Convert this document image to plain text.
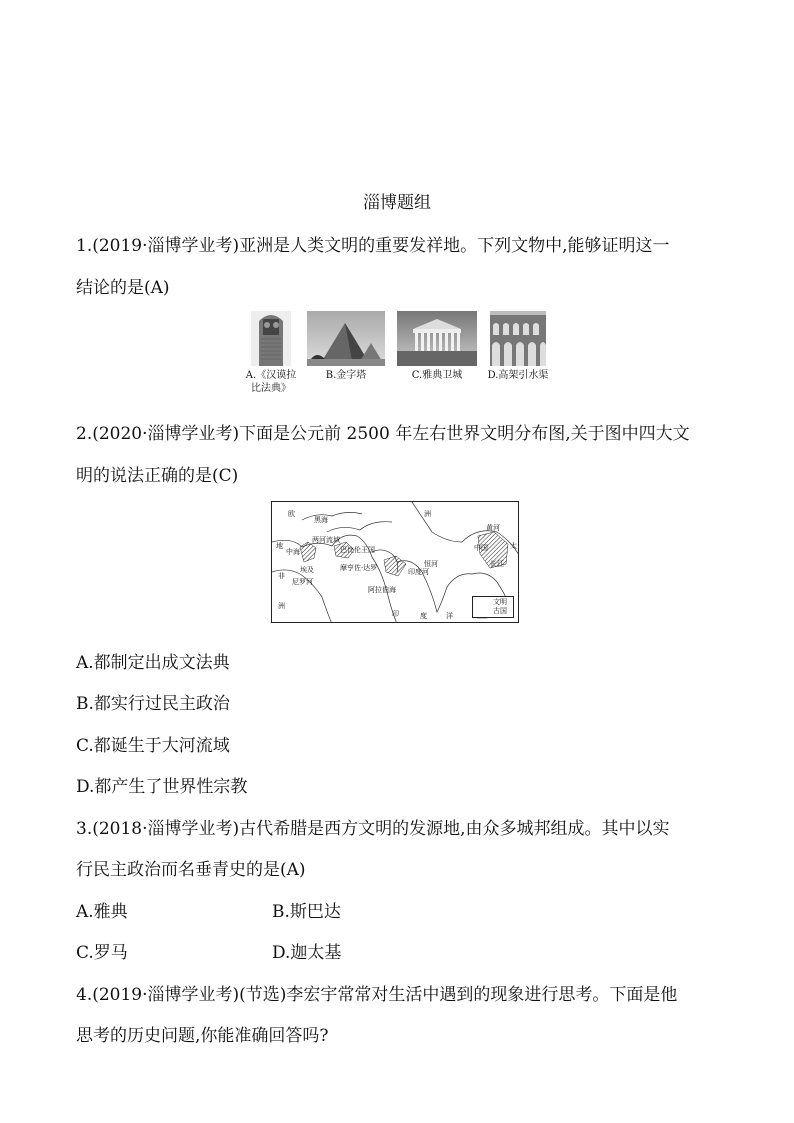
淄博题组
1.(2019·淄博学业考)亚洲是人类文明的重要发祥地。下列文物中,能够证明这一
结论的是(A)
A.《汉谟拉
比法典》
B.金字塔	C.雅典卫城	D.高架引水渠
2.(2020·淄博学业考)下面是公元前 2500 年左右世界文明分布图,关于图中四大文
明的说法正确的是(C)
欧
黑海
洲
地
中海	巴比伦王国
两河流域
埃及
尼罗河
非
洲
摩亨佐·达罗
阿拉伯海
印	度	洋
恒河
印度河
黄河
长江
中国	太
文明
古国
A.都制定出成文法典
B.都实行过民主政治
C.都诞生于大河流域
D.都产生了世界性宗教
3.(2018·淄博学业考)古代希腊是西方文明的发源地,由众多城邦组成。其中以实
行民主政治而名垂青史的是(A)
A.雅典	B.斯巴达
C.罗马	D.迦太基
4.(2019·淄博学业考)(节选)李宏宇常常对生活中遇到的现象进行思考。下面是他
思考的历史问题,你能准确回答吗?
